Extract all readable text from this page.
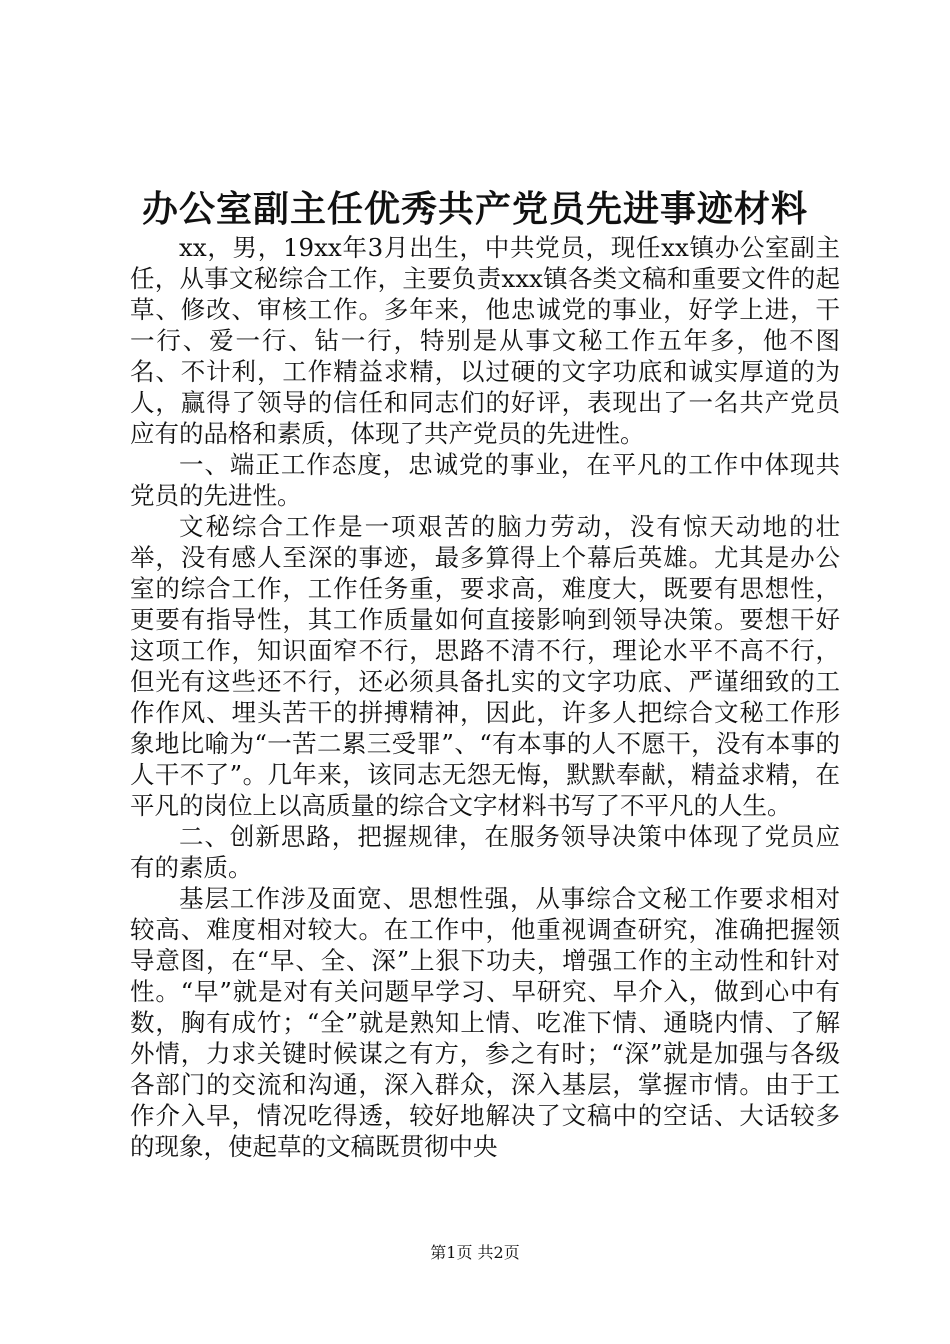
办公室副主任优秀共产党员先进事迹材料

xx，男，19xx年3月出生，中共党员，现任xx镇办公室副主任，从事文秘综合工作，主要负责xxx镇各类文稿和重要文件的起草、修改、审核工作。多年来，他忠诚党的事业，好学上进，干一行、爱一行、钻一行，特别是从事文秘工作五年多，他不图名、不计利，工作精益求精，以过硬的文字功底和诚实厚道的为人，赢得了领导的信任和同志们的好评，表现出了一名共产党员应有的品格和素质，体现了共产党员的先进性。

一、端正工作态度，忠诚党的事业，在平凡的工作中体现共党员的先进性。

文秘综合工作是一项艰苦的脑力劳动，没有惊天动地的壮举，没有感人至深的事迹，最多算得上个幕后英雄。尤其是办公室的综合工作，工作任务重，要求高，难度大，既要有思想性，更要有指导性，其工作质量如何直接影响到领导决策。要想干好这项工作，知识面窄不行，思路不清不行，理论水平不高不行，但光有这些还不行，还必须具备扎实的文字功底、严谨细致的工作作风、埋头苦干的拼搏精神，因此，许多人把综合文秘工作形象地比喻为“一苦二累三受罪”、“有本事的人不愿干，没有本事的人干不了”。几年来，该同志无怨无悔，默默奉献，精益求精，在平凡的岗位上以高质量的综合文字材料书写了不平凡的人生。

二、创新思路，把握规律，在服务领导决策中体现了党员应有的素质。

基层工作涉及面宽、思想性强，从事综合文秘工作要求相对较高、难度相对较大。在工作中，他重视调查研究，准确把握领导意图，在“早、全、深”上狠下功夫，增强工作的主动性和针对性。“早”就是对有关问题早学习、早研究、早介入，做到心中有数，胸有成竹；“全”就是熟知上情、吃准下情、通晓内情、了解外情，力求关键时候谋之有方，参之有时；“深”就是加强与各级各部门的交流和沟通，深入群众，深入基层，掌握市情。由于工作介入早，情况吃得透，较好地解决了文稿中的空话、大话较多的现象，使起草的文稿既贯彻中央

第1页 共2页
